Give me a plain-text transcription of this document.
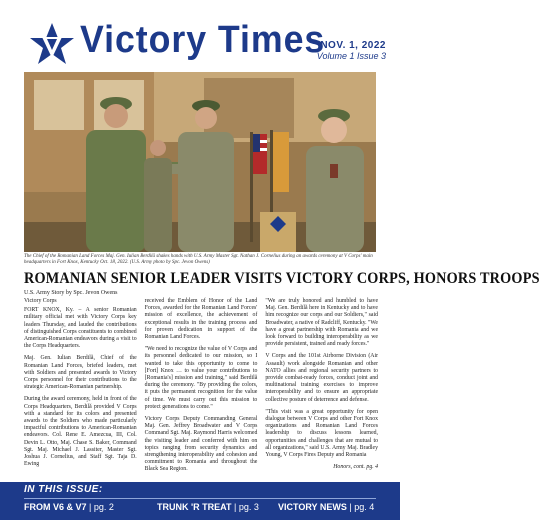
Victory Times
NOV. 1, 2022
Volume 1 Issue 3
The Chief of the Romanian Land Forces Maj. Gen. Iulian Berdilă shakes hands with U.S. Army Master Sgt. Nathan J. Cornelius during an awards ceremony at V Corps' main headquarters in Fort Knox, Kentucky Oct. 18, 2022. (U.S. Army photo by Spc. Jevon Owens)
ROMANIAN SENIOR LEADER VISITS VICTORY CORPS, HONORS TROOPS
U.S. Army Story by Spc. Jevon Owens

Victory Corps

FORT KNOX, Ky. – A senior Romanian military official met with Victory Corps key leaders Thursday, and lauded the contributions of distinguished Corps constituents to combined American-Romanian endeavors during a visit to the Corps Headquarters.

Maj. Gen. Iulian Berdilă, Chief of the Romanian Land Forces, briefed leaders, met with Soldiers and presented awards to Victory Corps personnel for their contributions to the strategic American-Romanian partnership.

During the award ceremony, held in front of the Corps Headquarters, Berdilă provided V Corps with a standard for its colors and presented awards to the Soldiers who made particularly impactful contributions to American-Romanian endeavors. Col. Rene E. Amezcua, III, Col. Devin L. Otto, Maj. Chase S. Baker, Command Sgt. Maj. Michael J. Lassiter, Master Sgt. Joshua J. Cornelius, and Staff Sgt. Taja D. Ewing

received the Emblem of Honor of the Land Forces, awarded for the Romanian Land Forces' mission of excellence, the achievement of exceptional results in the training process and for proven dedication in support of the Romanian Land Forces.

"We need to recognize the value of V Corps and its personnel dedicated to our mission, so I wanted to take this opportunity to come to [Fort] Knox … to value your contributions to [Romania's] mission and training," said Berdilă during the ceremony. "By providing the colors, it puts the permanent recognition for the value of time. We must carry out this mission to protect generations to come."

Victory Corps Deputy Commanding General Maj. Gen. Jeffrey Broadwater and V Corps Command Sgt. Maj. Raymond Harris welcomed the visiting leader and conferred with him on topics ranging from security dynamics and strengthening interoperability and cohesion and commitment to Romania and throughout the Black Sea Region.

"We are truly honored and humbled to have Maj. Gen. Berdilă here in Kentucky and to have him recognize our corps and our Soldiers," said Broadwater, a native of Radcliff, Kentucky. "We have a great partnership with Romania and we look forward to building interoperability as we provide persistent, trained and ready forces."

V Corps and the 101st Airborne Division (Air Assault) work alongside Romanian and other NATO allies and regional security partners to provide combat-ready forces, conduct joint and multinational training exercises to improve interoperability and to ensure an appropriate collective posture of deterrence and defense.

"This visit was a great opportunity for open dialogue between V Corps and other Fort Knox organizations and Romanian Land Forces leadership to discuss lessons learned, opportunities and challenges that are mutual to all organizations," said U.S. Army Maj. Bradley Young, V Corps Fires Deputy and Romania

Honors, cont. pg. 4
IN THIS ISSUE:
FROM V6 & V7 | pg. 2	TRUNK 'R TREAT | pg. 3 VICTORY NEWS | pg. 4
